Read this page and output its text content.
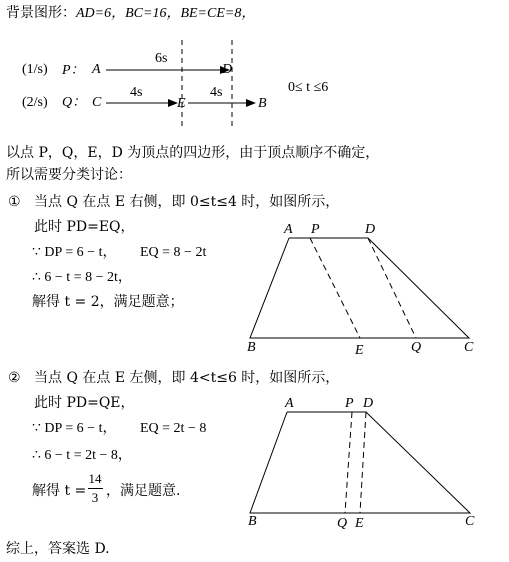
背景图形：AD=6，BC=16，BE=CE=8，
(1/s) P： A
6s
D
(2/s) Q： C
4s
E
4s
B
0≤ t ≤6
以点 P，Q，E，D 为顶点的四边形，由于顶点顺序不确定，
所以需要分类讨论：
① 当点 Q 在点 E 右侧，即 0≤t≤4 时，如图所示，
此时 PD=EQ，
∵ DP = 6 − t， EQ = 8 − 2t
∴ 6 − t = 8 − 2t，
解得 t = 2，满足题意；
A P	D
B	E	Q	C
② 当点 Q 在点 E 左侧，即 4<t≤6 时，如图所示，
此时 PD=QE，
∵ DP = 6 − t， EQ = 2t − 8
∴ 6 − t = 2t − 8，
解得 t =
14
3 ，满足题意.
A	P D
B	Q E	C
综上，答案选 D.
